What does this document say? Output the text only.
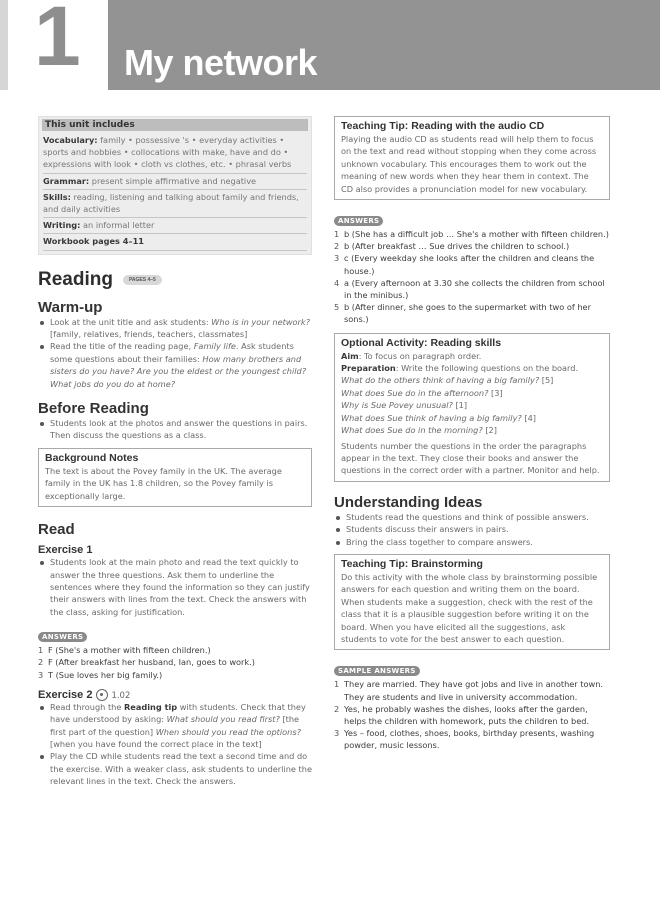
1 My network
This unit includes
Vocabulary: family • possessive 's • everyday activities • sports and hobbies • collocations with make, have and do • expressions with look • cloth vs clothes, etc. • phrasal verbs
Grammar: present simple affirmative and negative
Skills: reading, listening and talking about family and friends, and daily activities
Writing: an informal letter
Workbook pages 4–11
Reading	PAGES 4–5
Warm-up
Look at the unit title and ask students: Who is in your network? [family, relatives, friends, teachers, classmates]
Read the title of the reading page, Family life. Ask students some questions about their families: How many brothers and sisters do you have? Are you the eldest or the youngest child? What jobs do you do at home?
Before Reading
Students look at the photos and answer the questions in pairs. Then discuss the questions as a class.
Background Notes
The text is about the Povey family in the UK. The average family in the UK has 1.8 children, so the Povey family is exceptionally large.
Read
Exercise 1
Students look at the main photo and read the text quickly to answer the three questions. Ask them to underline the sentences where they found the information so they can justify their answers with lines from the text. Check the answers with the class, asking for justification.
ANSWERS
1 F (She's a mother with fifteen children.)
2 F (After breakfast her husband, Ian, goes to work.)
3 T (Sue loves her big family.)
Exercise 2 1.02
Read through the Reading tip with students. Check that they have understood by asking: What should you read first? [the first part of the question] When should you read the options? [when you have found the correct place in the text]
Play the CD while students read the text a second time and do the exercise. With a weaker class, ask students to underline the relevant lines in the text. Check the answers.
Teaching Tip: Reading with the audio CD
Playing the audio CD as students read will help them to focus on the text and read without stopping when they come across unknown vocabulary. This encourages them to work out the meaning of new words when they hear them in context. The CD also provides a pronunciation model for new vocabulary.
ANSWERS
1 b (She has a difficult job … She's a mother with fifteen children.)
2 b (After breakfast … Sue drives the children to school.)
3 c (Every weekday she looks after the children and cleans the house.)
4 a (Every afternoon at 3.30 she collects the children from school in the minibus.)
5 b (After dinner, she goes to the supermarket with two of her sons.)
Optional Activity: Reading skills
Aim: To focus on paragraph order.
Preparation: Write the following questions on the board.
What do the others think of having a big family? [5]
What does Sue do in the afternoon? [3]
Why is Sue Povey unusual? [1]
What does Sue think of having a big family? [4]
What does Sue do in the morning? [2]
Students number the questions in the order the paragraphs appear in the text. They close their books and answer the questions in the correct order with a partner. Monitor and help.
Understanding Ideas
Students read the questions and think of possible answers.
Students discuss their answers in pairs.
Bring the class together to compare answers.
Teaching Tip: Brainstorming
Do this activity with the whole class by brainstorming possible answers for each question and writing them on the board. When students make a suggestion, check with the rest of the class that it is a plausible suggestion before writing it on the board. When you have elicited all the suggestions, ask students to vote for the best answer to each question.
SAMPLE ANSWERS
1 They are married. They have got jobs and live in another town. They are students and live in university accommodation.
2 Yes, he probably washes the dishes, looks after the garden, helps the children with homework, puts the children to bed.
3 Yes – food, clothes, shoes, books, birthday presents, washing powder, music lessons.
